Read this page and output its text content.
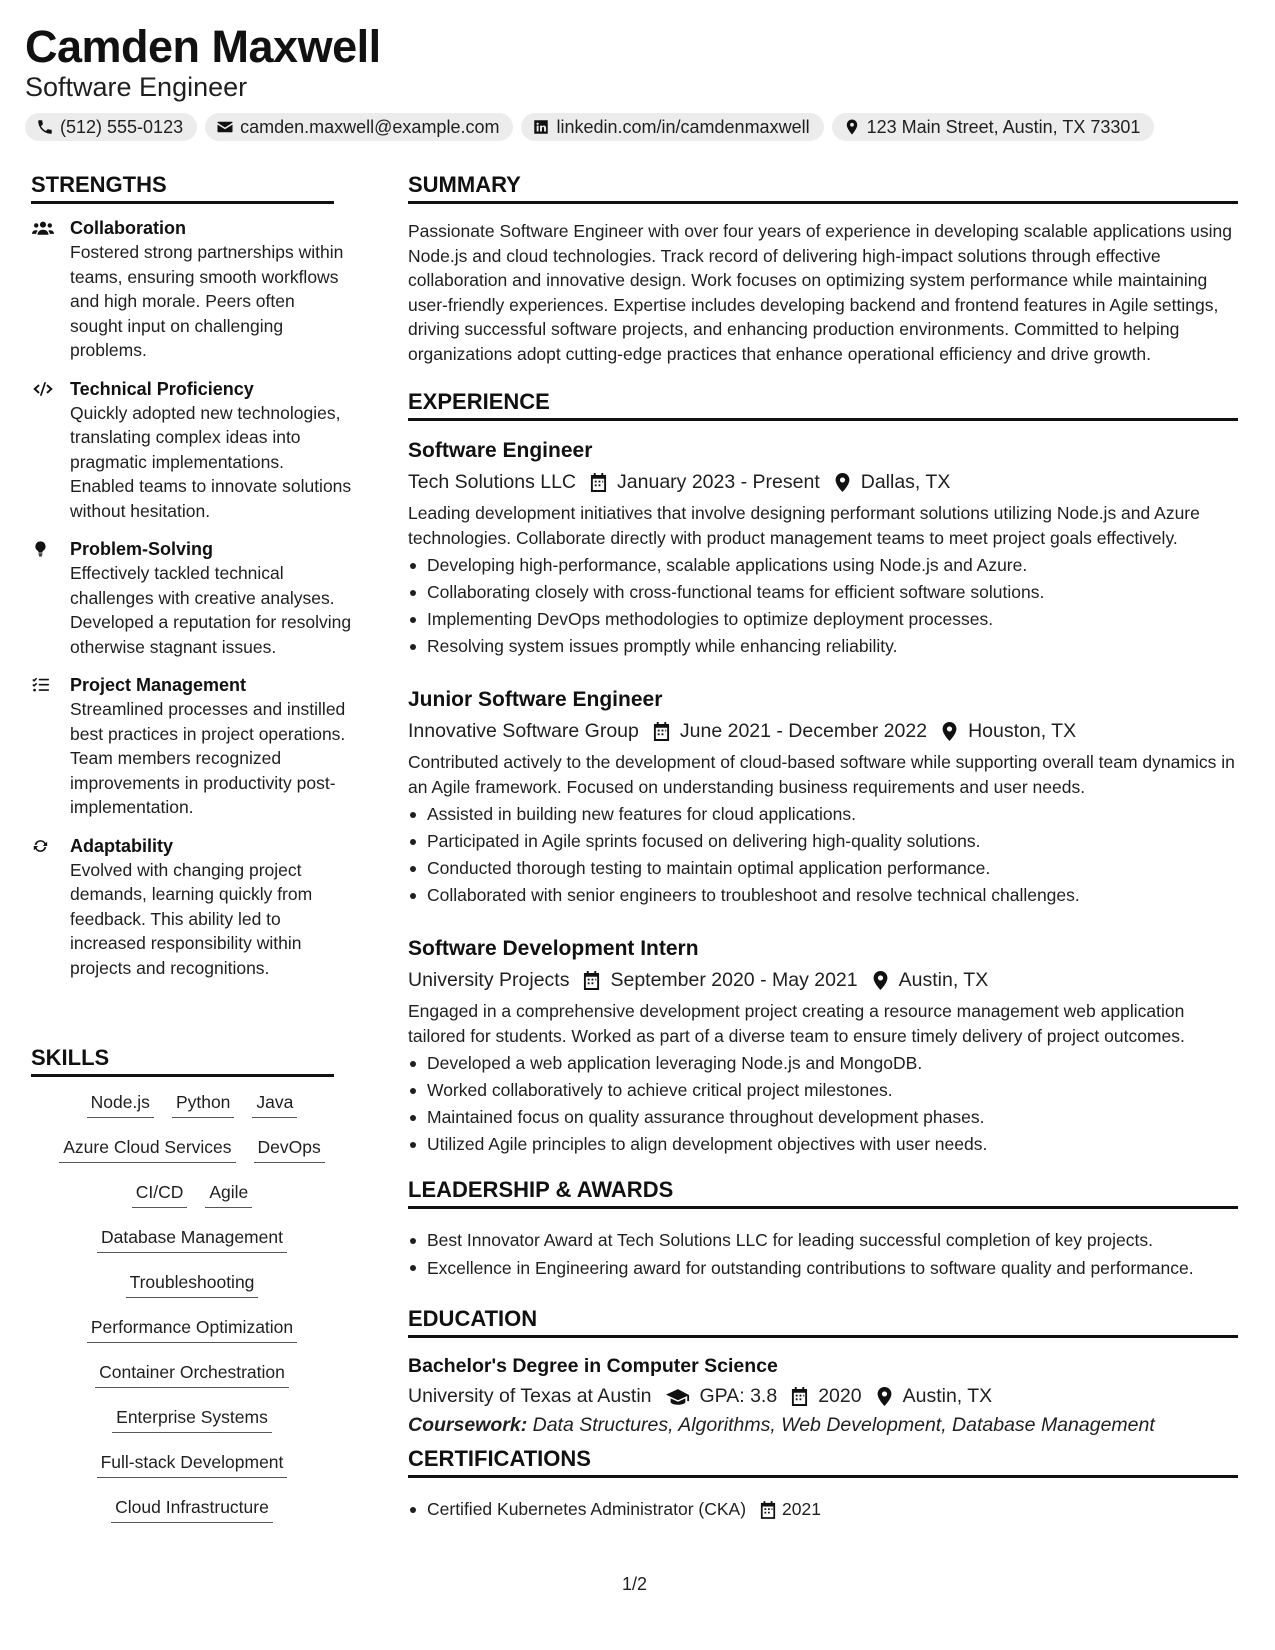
Camden Maxwell
Software Engineer
(512) 555-0123	camden.maxwell@example.com	linkedin.com/in/camdenmaxwell	123 Main Street, Austin, TX 73301
STRENGTHS
Collaboration
Fostered strong partnerships within teams, ensuring smooth workflows and high morale. Peers often sought input on challenging problems.
Technical Proficiency
Quickly adopted new technologies, translating complex ideas into pragmatic implementations. Enabled teams to innovate solutions without hesitation.
Problem-Solving
Effectively tackled technical challenges with creative analyses. Developed a reputation for resolving otherwise stagnant issues.
Project Management
Streamlined processes and instilled best practices in project operations. Team members recognized improvements in productivity post-implementation.
Adaptability
Evolved with changing project demands, learning quickly from feedback. This ability led to increased responsibility within projects and recognitions.
SKILLS
Node.js Python Java
Azure Cloud Services DevOps
CI/CD Agile
Database Management
Troubleshooting
Performance Optimization
Container Orchestration
Enterprise Systems
Full-stack Development
Cloud Infrastructure
SUMMARY

Passionate Software Engineer with over four years of experience in developing scalable applications using Node.js and cloud technologies. Track record of delivering high-impact solutions through effective collaboration and innovative design. Work focuses on optimizing system performance while maintaining user-friendly experiences. Expertise includes developing backend and frontend features in Agile settings, driving successful software projects, and enhancing production environments. Committed to helping organizations adopt cutting-edge practices that enhance operational efficiency and drive growth.

EXPERIENCE
Software Engineer
Tech Solutions LLC January 2023 - Present Dallas, TX

Leading development initiatives that involve designing performant solutions utilizing Node.js and Azure technologies. Collaborate directly with product management teams to meet project goals effectively.

Developing high-performance, scalable applications using Node.js and Azure.
Collaborating closely with cross-functional teams for efficient software solutions.
Implementing DevOps methodologies to optimize deployment processes.
Resolving system issues promptly while enhancing reliability.
Junior Software Engineer
Innovative Software Group June 2021 - December 2022 Houston, TX

Contributed actively to the development of cloud-based software while supporting overall team dynamics in an Agile framework. Focused on understanding business requirements and user needs.

Assisted in building new features for cloud applications.
Participated in Agile sprints focused on delivering high-quality solutions.
Conducted thorough testing to maintain optimal application performance.
Collaborated with senior engineers to troubleshoot and resolve technical challenges.
Software Development Intern
University Projects September 2020 - May 2021 Austin, TX

Engaged in a comprehensive development project creating a resource management web application tailored for students. Worked as part of a diverse team to ensure timely delivery of project outcomes.

Developed a web application leveraging Node.js and MongoDB.
Worked collaboratively to achieve critical project milestones.
Maintained focus on quality assurance throughout development phases.
Utilized Agile principles to align development objectives with user needs.
LEADERSHIP & AWARDS
Best Innovator Award at Tech Solutions LLC for leading successful completion of key projects.
Excellence in Engineering award for outstanding contributions to software quality and performance.
EDUCATION
Bachelor's Degree in Computer Science
University of Texas at Austin GPA: 3.8 2020 Austin, TX
Coursework: Data Structures, Algorithms, Web Development, Database Management
CERTIFICATIONS
Certified Kubernetes Administrator (CKA) 2021
1/2
